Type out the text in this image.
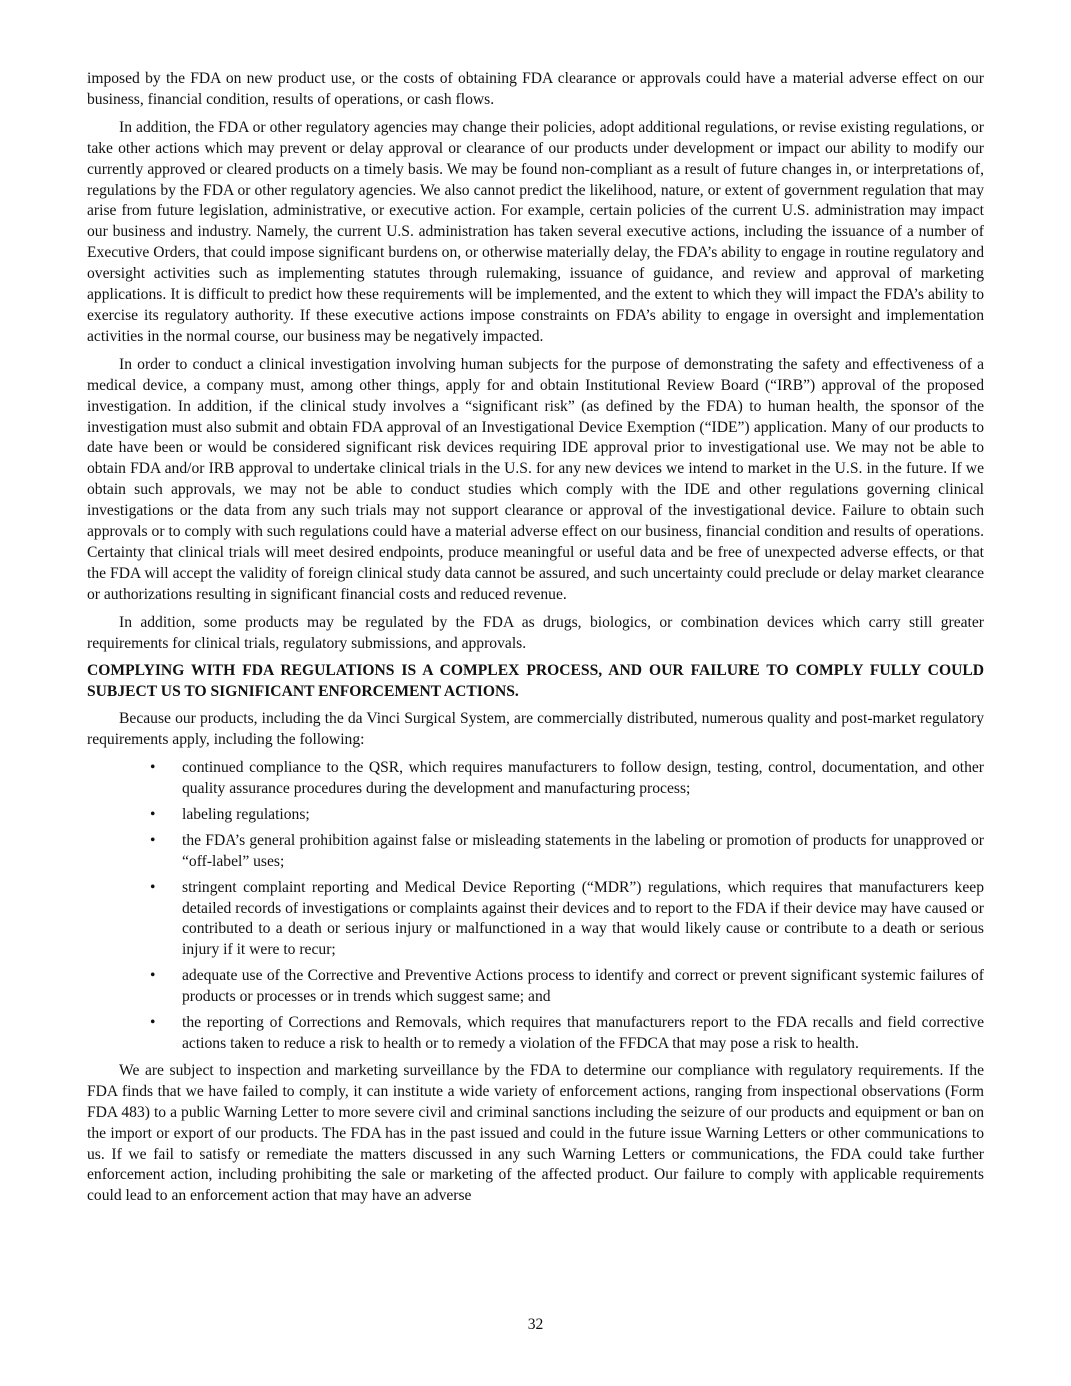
imposed by the FDA on new product use, or the costs of obtaining FDA clearance or approvals could have a material adverse effect on our business, financial condition, results of operations, or cash flows.

In addition, the FDA or other regulatory agencies may change their policies, adopt additional regulations, or revise existing regulations, or take other actions which may prevent or delay approval or clearance of our products under development or impact our ability to modify our currently approved or cleared products on a timely basis. We may be found non-compliant as a result of future changes in, or interpretations of, regulations by the FDA or other regulatory agencies. We also cannot predict the likelihood, nature, or extent of government regulation that may arise from future legislation, administrative, or executive action. For example, certain policies of the current U.S. administration may impact our business and industry. Namely, the current U.S. administration has taken several executive actions, including the issuance of a number of Executive Orders, that could impose significant burdens on, or otherwise materially delay, the FDA’s ability to engage in routine regulatory and oversight activities such as implementing statutes through rulemaking, issuance of guidance, and review and approval of marketing applications. It is difficult to predict how these requirements will be implemented, and the extent to which they will impact the FDA’s ability to exercise its regulatory authority. If these executive actions impose constraints on FDA’s ability to engage in oversight and implementation activities in the normal course, our business may be negatively impacted.

In order to conduct a clinical investigation involving human subjects for the purpose of demonstrating the safety and effectiveness of a medical device, a company must, among other things, apply for and obtain Institutional Review Board (“IRB”) approval of the proposed investigation. In addition, if the clinical study involves a “significant risk” (as defined by the FDA) to human health, the sponsor of the investigation must also submit and obtain FDA approval of an Investigational Device Exemption (“IDE”) application. Many of our products to date have been or would be considered significant risk devices requiring IDE approval prior to investigational use. We may not be able to obtain FDA and/or IRB approval to undertake clinical trials in the U.S. for any new devices we intend to market in the U.S. in the future. If we obtain such approvals, we may not be able to conduct studies which comply with the IDE and other regulations governing clinical investigations or the data from any such trials may not support clearance or approval of the investigational device. Failure to obtain such approvals or to comply with such regulations could have a material adverse effect on our business, financial condition and results of operations. Certainty that clinical trials will meet desired endpoints, produce meaningful or useful data and be free of unexpected adverse effects, or that the FDA will accept the validity of foreign clinical study data cannot be assured, and such uncertainty could preclude or delay market clearance or authorizations resulting in significant financial costs and reduced revenue.

In addition, some products may be regulated by the FDA as drugs, biologics, or combination devices which carry still greater requirements for clinical trials, regulatory submissions, and approvals.

COMPLYING WITH FDA REGULATIONS IS A COMPLEX PROCESS, AND OUR FAILURE TO COMPLY FULLY COULD SUBJECT US TO SIGNIFICANT ENFORCEMENT ACTIONS.

Because our products, including the da Vinci Surgical System, are commercially distributed, numerous quality and post-market regulatory requirements apply, including the following:

• continued compliance to the QSR, which requires manufacturers to follow design, testing, control, documentation, and other quality assurance procedures during the development and manufacturing process;
• labeling regulations;
• the FDA’s general prohibition against false or misleading statements in the labeling or promotion of products for unapproved or “off-label” uses;
• stringent complaint reporting and Medical Device Reporting (“MDR”) regulations, which requires that manufacturers keep detailed records of investigations or complaints against their devices and to report to the FDA if their device may have caused or contributed to a death or serious injury or malfunctioned in a way that would likely cause or contribute to a death or serious injury if it were to recur;
• adequate use of the Corrective and Preventive Actions process to identify and correct or prevent significant systemic failures of products or processes or in trends which suggest same; and
• the reporting of Corrections and Removals, which requires that manufacturers report to the FDA recalls and field corrective actions taken to reduce a risk to health or to remedy a violation of the FFDCA that may pose a risk to health.

We are subject to inspection and marketing surveillance by the FDA to determine our compliance with regulatory requirements. If the FDA finds that we have failed to comply, it can institute a wide variety of enforcement actions, ranging from inspectional observations (Form FDA 483) to a public Warning Letter to more severe civil and criminal sanctions including the seizure of our products and equipment or ban on the import or export of our products. The FDA has in the past issued and could in the future issue Warning Letters or other communications to us. If we fail to satisfy or remediate the matters discussed in any such Warning Letters or communications, the FDA could take further enforcement action, including prohibiting the sale or marketing of the affected product. Our failure to comply with applicable requirements could lead to an enforcement action that may have an adverse

32
